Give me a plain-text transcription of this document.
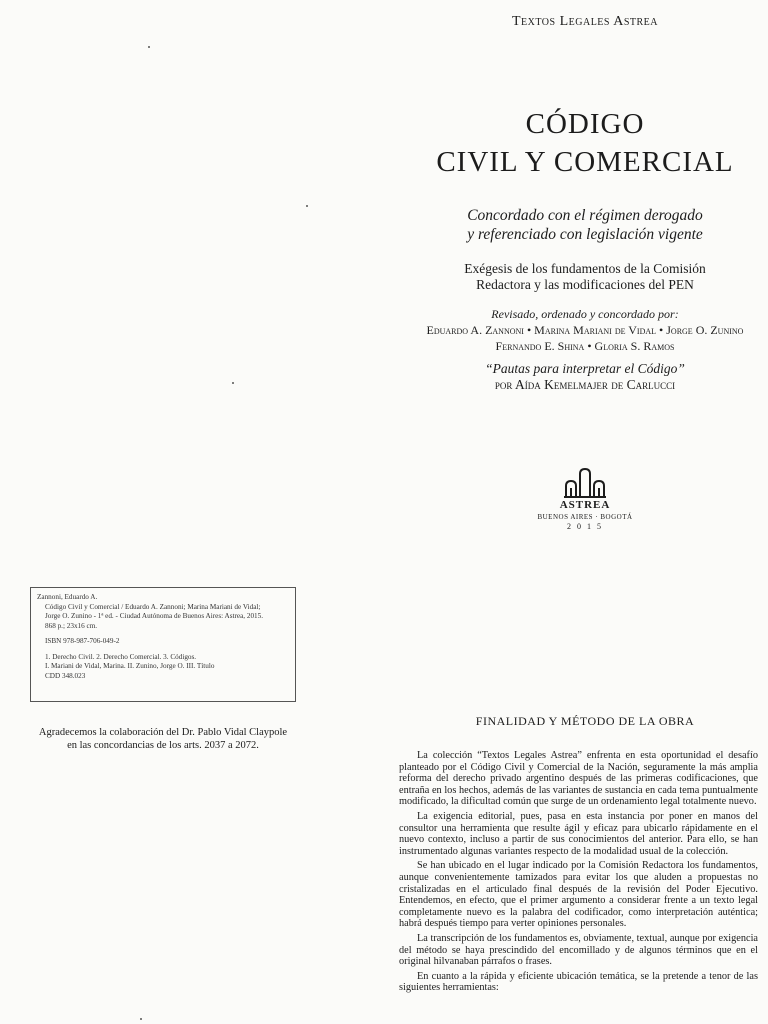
Textos Legales Astrea
CÓDIGO
CIVIL Y COMERCIAL
Concordado con el régimen derogado
y referenciado con legislación vigente
Exégesis de los fundamentos de la Comisión
Redactora y las modificaciones del PEN
Revisado, ordenado y concordado por:
Eduardo A. Zannoni • Marina Mariani de Vidal • Jorge O. Zunino
Fernando E. Shina • Gloria S. Ramos
“Pautas para interpretar el Código”
por Aída Kemelmajer de Carlucci
ASTREA
BUENOS AIRES · BOGOTÁ
2 0 1 5
Zannoni, Eduardo A.
Código Civil y Comercial / Eduardo A. Zannoni; Marina Mariani de Vidal;
Jorge O. Zunino - 1ª ed. - Ciudad Autónoma de Buenos Aires: Astrea, 2015.
868 p.; 23x16 cm.
ISBN 978-987-706-049-2
1. Derecho Civil. 2. Derecho Comercial. 3. Códigos.
I. Mariani de Vidal, Marina. II. Zunino, Jorge O. III. Título
CDD 348.023
Agradecemos la colaboración del Dr. Pablo Vidal Claypole
en las concordancias de los arts. 2037 a 2072.
FINALIDAD Y MÉTODO DE LA OBRA

La colección “Textos Legales Astrea” enfrenta en esta oportunidad el desafío planteado por el Código Civil y Comercial de la Nación, seguramente la más amplia reforma del derecho privado argentino después de las primeras codificaciones, que entraña en los hechos, además de las variantes de sustancia en cada tema puntualmente modificado, la dificultad común que surge de un ordenamiento legal totalmente nuevo.

La exigencia editorial, pues, pasa en esta instancia por poner en manos del consultor una herramienta que resulte ágil y eficaz para ubicarlo rápidamente en el nuevo contexto, incluso a partir de sus conocimientos del anterior. Para ello, se han instrumentado algunas variantes respecto de la modalidad usual de la colección.

Se han ubicado en el lugar indicado por la Comisión Redactora los fundamentos, aunque convenientemente tamizados para evitar los que aluden a propuestas no cristalizadas en el articulado final después de la revisión del Poder Ejecutivo. Entendemos, en efecto, que el primer argumento a considerar frente a un texto legal completamente nuevo es la palabra del codificador, como interpretación auténtica; habrá después tiempo para verter opiniones personales.

La transcripción de los fundamentos es, obviamente, textual, aunque por exigencia del método se haya prescindido del encomillado y de algunos términos que en el original hilvanaban párrafos o frases.

En cuanto a la rápida y eficiente ubicación temática, se la pretende a tenor de las siguientes herramientas:
